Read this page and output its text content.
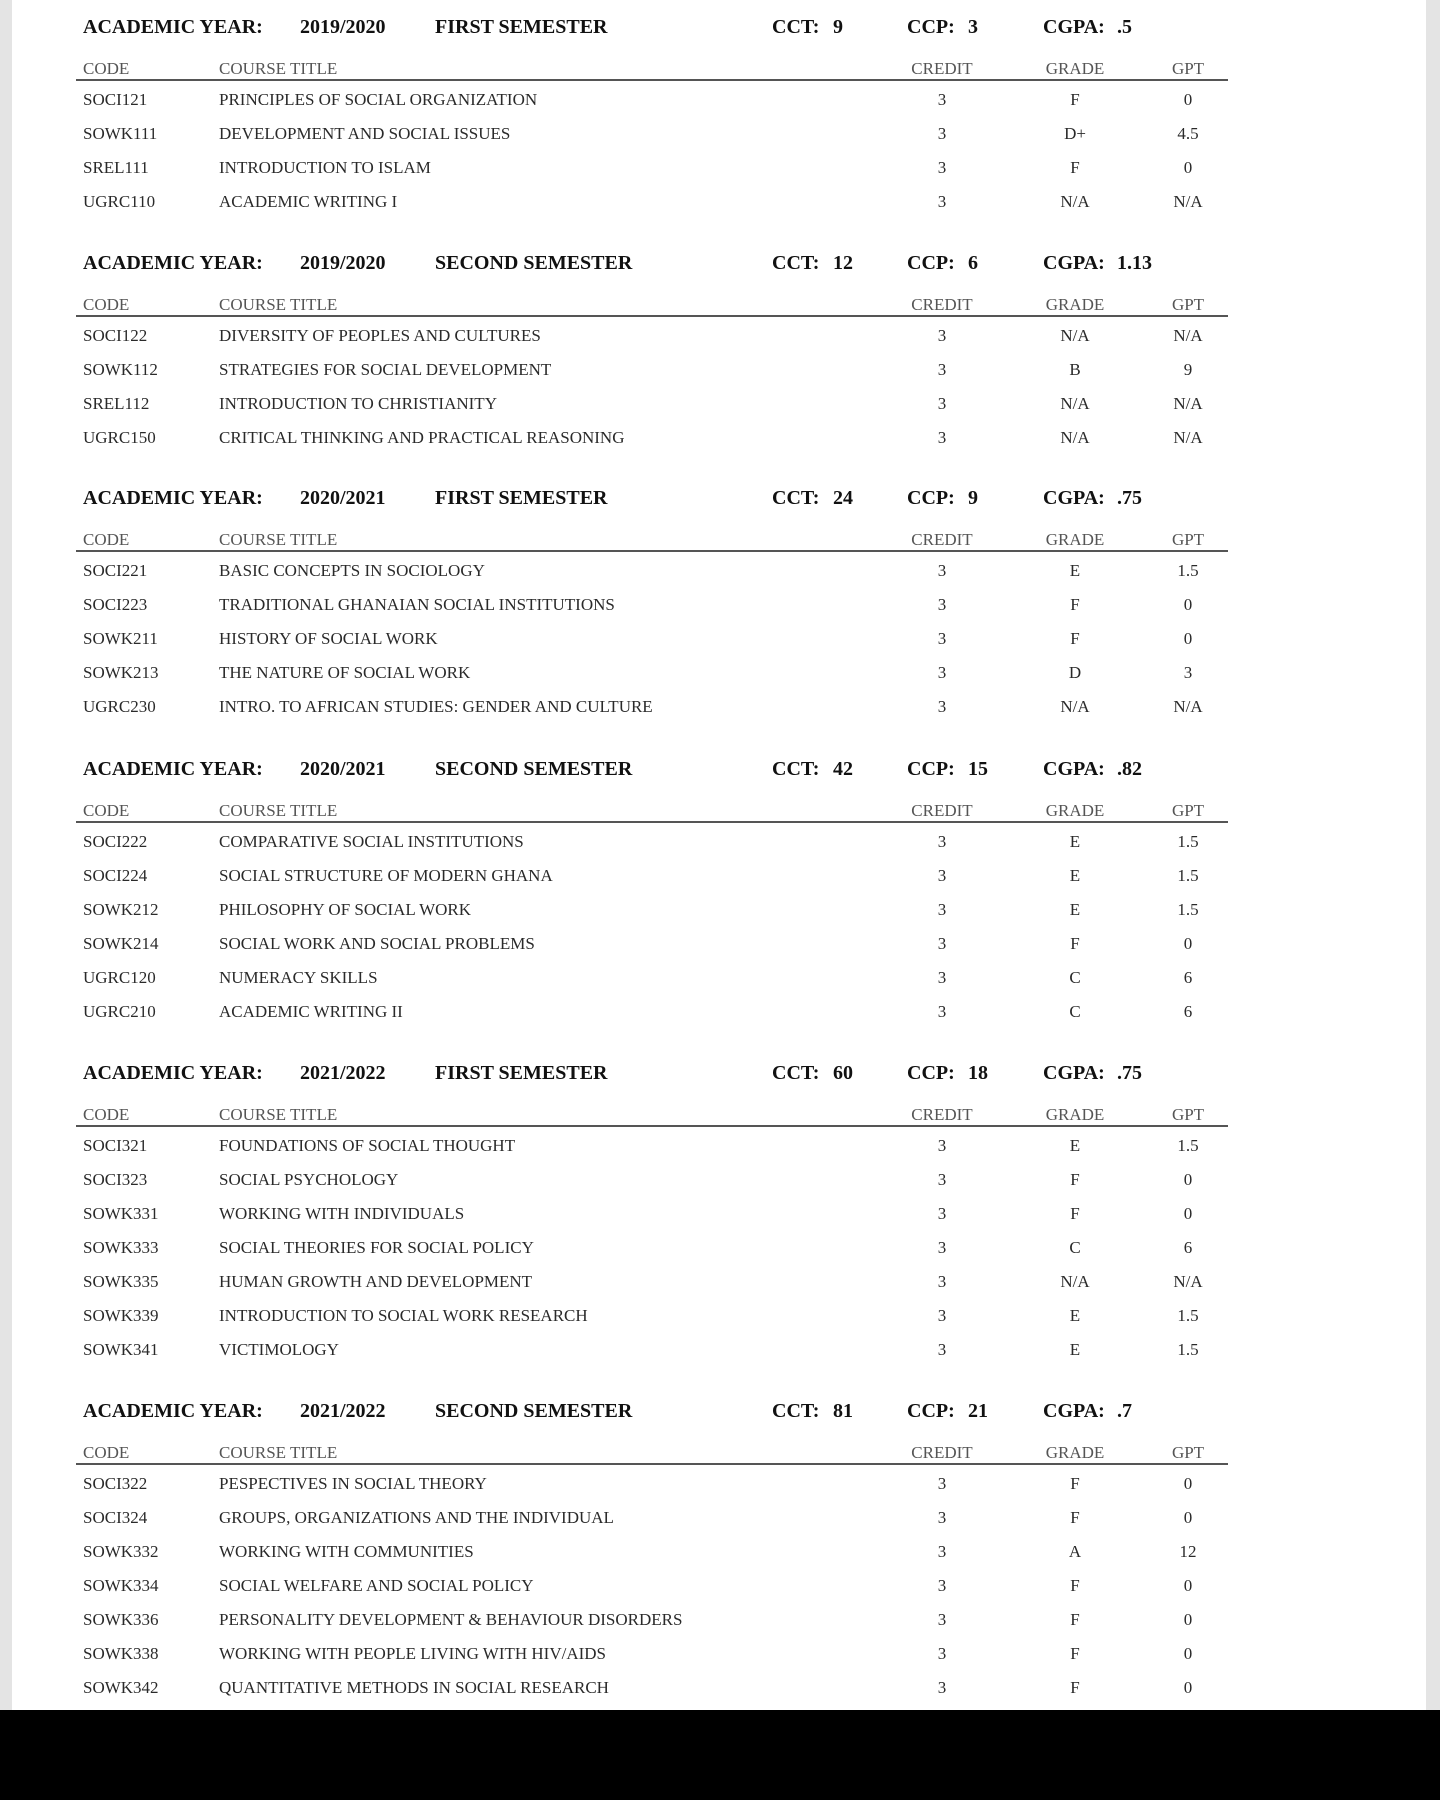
ACADEMIC YEAR: 2019/2020 FIRST SEMESTER	CCT: 9	CCP: 3	CGPA: .5
CODE	COURSE TITLE	CREDIT	GRADE	GPT
SOCI121	PRINCIPLES OF SOCIAL ORGANIZATION	3	F	0
SOWK111	DEVELOPMENT AND SOCIAL ISSUES	3	D+	4.5
SREL111	INTRODUCTION TO ISLAM	3	F	0
UGRC110	ACADEMIC WRITING I	3	N/A	N/A
ACADEMIC YEAR: 2019/2020 SECOND SEMESTER	CCT: 12	CCP: 6	CGPA: 1.13
CODE	COURSE TITLE	CREDIT	GRADE	GPT
SOCI122	DIVERSITY OF PEOPLES AND CULTURES	3	N/A	N/A
SOWK112	STRATEGIES FOR SOCIAL DEVELOPMENT	3	B	9
SREL112	INTRODUCTION TO CHRISTIANITY	3	N/A	N/A
UGRC150	CRITICAL THINKING AND PRACTICAL REASONING	3	N/A	N/A
ACADEMIC YEAR: 2020/2021 FIRST SEMESTER	CCT: 24	CCP: 9	CGPA: .75
CODE	COURSE TITLE	CREDIT	GRADE	GPT
SOCI221	BASIC CONCEPTS IN SOCIOLOGY	3	E	1.5
SOCI223	TRADITIONAL GHANAIAN SOCIAL INSTITUTIONS	3	F	0
SOWK211	HISTORY OF SOCIAL WORK	3	F	0
SOWK213	THE NATURE OF SOCIAL WORK	3	D	3
UGRC230	INTRO. TO AFRICAN STUDIES: GENDER AND CULTURE	3	N/A	N/A
ACADEMIC YEAR: 2020/2021 SECOND SEMESTER	CCT: 42	CCP: 15	CGPA: .82
CODE	COURSE TITLE	CREDIT	GRADE	GPT
SOCI222	COMPARATIVE SOCIAL INSTITUTIONS	3	E	1.5
SOCI224	SOCIAL STRUCTURE OF MODERN GHANA	3	E	1.5
SOWK212	PHILOSOPHY OF SOCIAL WORK	3	E	1.5
SOWK214	SOCIAL WORK AND SOCIAL PROBLEMS	3	F	0
UGRC120	NUMERACY SKILLS	3	C	6
UGRC210	ACADEMIC WRITING II	3	C	6
ACADEMIC YEAR: 2021/2022 FIRST SEMESTER	CCT: 60	CCP: 18	CGPA: .75
CODE	COURSE TITLE	CREDIT	GRADE	GPT
SOCI321	FOUNDATIONS OF SOCIAL THOUGHT	3	E	1.5
SOCI323	SOCIAL PSYCHOLOGY	3	F	0
SOWK331	WORKING WITH INDIVIDUALS	3	F	0
SOWK333	SOCIAL THEORIES FOR SOCIAL POLICY	3	C	6
SOWK335	HUMAN GROWTH AND DEVELOPMENT	3	N/A	N/A
SOWK339	INTRODUCTION TO SOCIAL WORK RESEARCH	3	E	1.5
SOWK341	VICTIMOLOGY	3	E	1.5
ACADEMIC YEAR: 2021/2022 SECOND SEMESTER	CCT: 81	CCP: 21	CGPA: .7
CODE	COURSE TITLE	CREDIT	GRADE	GPT
SOCI322	PESPECTIVES IN SOCIAL THEORY	3	F	0
SOCI324	GROUPS, ORGANIZATIONS AND THE INDIVIDUAL	3	F	0
SOWK332	WORKING WITH COMMUNITIES	3	A	12
SOWK334	SOCIAL WELFARE AND SOCIAL POLICY	3	F	0
SOWK336	PERSONALITY DEVELOPMENT & BEHAVIOUR DISORDERS	3	F	0
SOWK338	WORKING WITH PEOPLE LIVING WITH HIV/AIDS	3	F	0
SOWK342	QUANTITATIVE METHODS IN SOCIAL RESEARCH	3	F	0
